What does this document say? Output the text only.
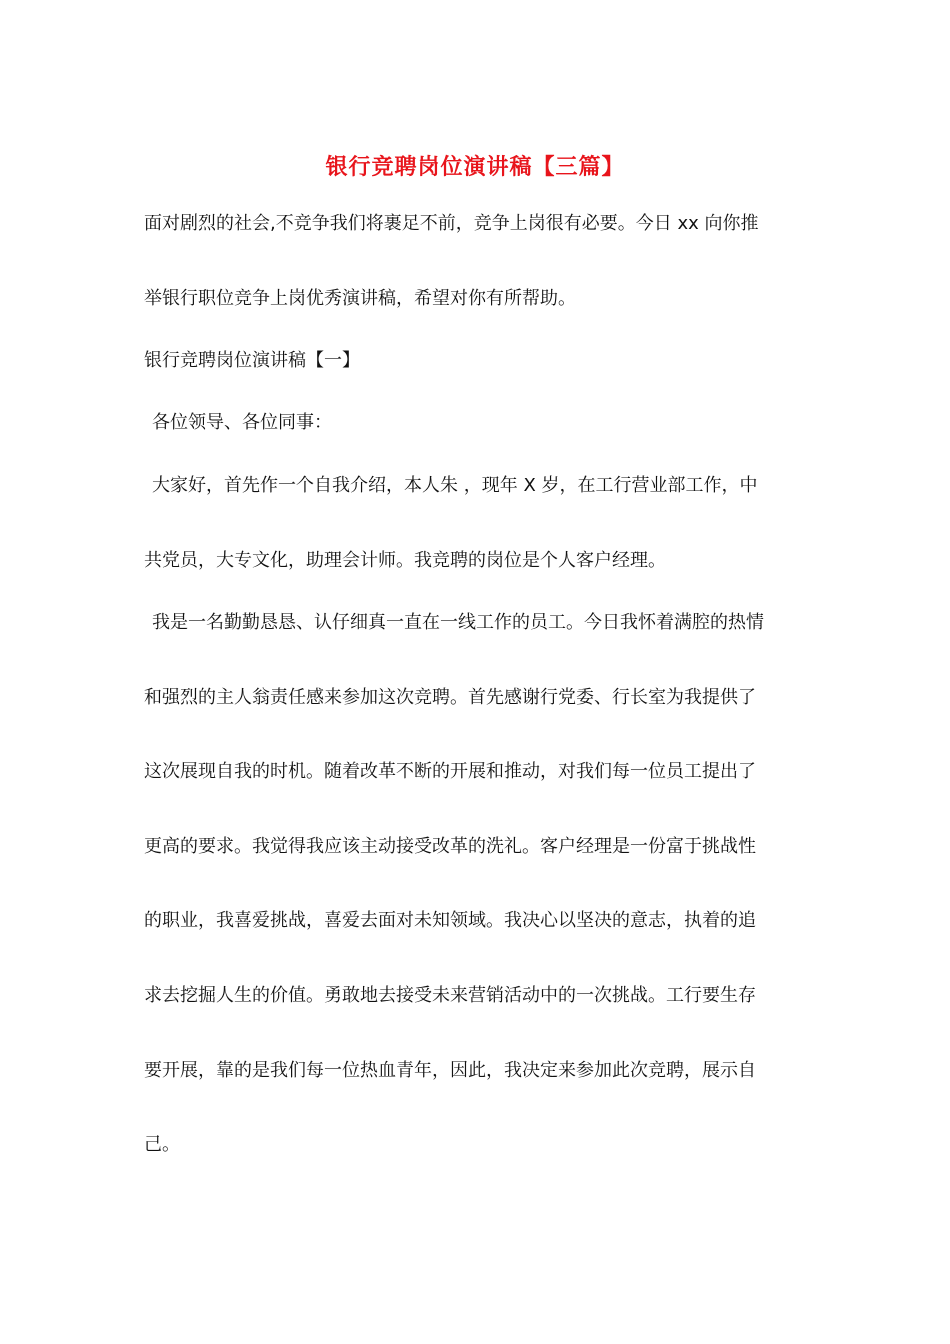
银行竞聘岗位演讲稿【三篇】
面对剧烈的社会,不竞争我们将裹足不前，竞争上岗很有必要。今日 xx 向你推
举银行职位竞争上岗优秀演讲稿，希望对你有所帮助。
银行竞聘岗位演讲稿【一】
各位领导、各位同事：
大家好，首先作一个自我介绍，本人朱 ，现年 X 岁，在工行营业部工作，中
共党员，大专文化，助理会计师。我竞聘的岗位是个人客户经理。
我是一名勤勤恳恳、认仔细真一直在一线工作的员工。今日我怀着满腔的热情
和强烈的主人翁责任感来参加这次竞聘。首先感谢行党委、行长室为我提供了
这次展现自我的时机。随着改革不断的开展和推动，对我们每一位员工提出了
更高的要求。我觉得我应该主动接受改革的洗礼。客户经理是一份富于挑战性
的职业，我喜爱挑战，喜爱去面对未知领域。我决心以坚决的意志，执着的追
求去挖掘人生的价值。勇敢地去接受未来营销活动中的一次挑战。工行要生存
要开展，靠的是我们每一位热血青年，因此，我决定来参加此次竞聘，展示自
己。
